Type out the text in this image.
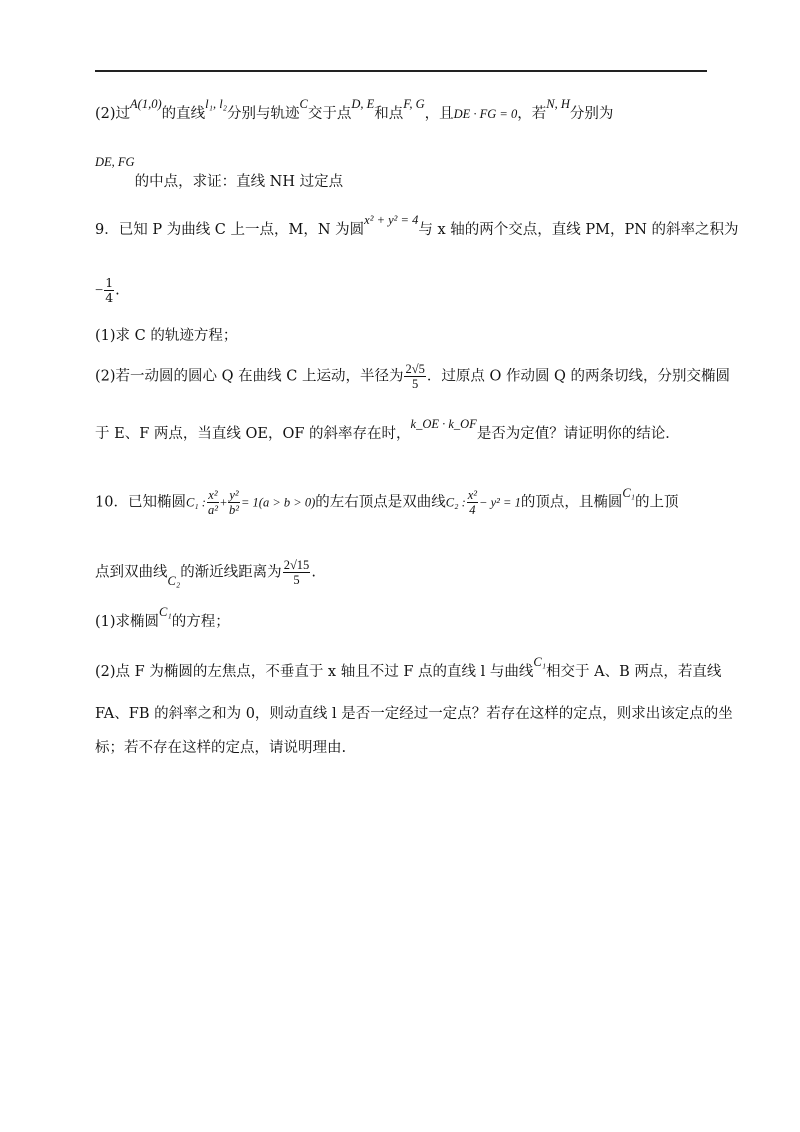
(2)过A(1,0)的直线l₁, l₂分别与轨迹C交于点D, E和点F, G，且DE · FG = 0，若N, H分别为
DE, FG的中点，求证：直线 NH 过定点
9．已知 P 为曲线 C 上一点，M，N 为圆x² + y² = 4与 x 轴的两个交点，直线 PM，PN 的斜率之积为
− $\frac{1}{4}$ .
(1)求 C 的轨迹方程；
(2)若一动圆的圆心 Q 在曲线 C 上运动，半径为 $\frac{2√5}{5}$ ．过原点 O 作动圆 Q 的两条切线，分别交椭圆
于 E、F 两点，当直线 OE，OF 的斜率存在时，k_OE · k_OF是否为定值？请证明你的结论．
10．已知椭圆C₁ : $\frac{\text{x²}}{\text{a²}} + \frac{\text{y²}}{\text{b²}} = 1(a > b > 0)$的左右顶点是双曲线C₂ : $\frac{\text{x²}}{4} - y^2 = 1$的顶点，且椭圆C₁的上顶
点到双曲线C₂的渐近线距离为 $\frac{2√15}{5}$ .
(1)求椭圆C₁的方程；
(2)点 F 为椭圆的左焦点，不垂直于 x 轴且不过 F 点的直线 l 与曲线C₁相交于 A、B 两点，若直线
FA、FB 的斜率之和为 0，则动直线 l 是否一定经过一定点？若存在这样的定点，则求出该定点的坐
标；若不存在这样的定点，请说明理由.
